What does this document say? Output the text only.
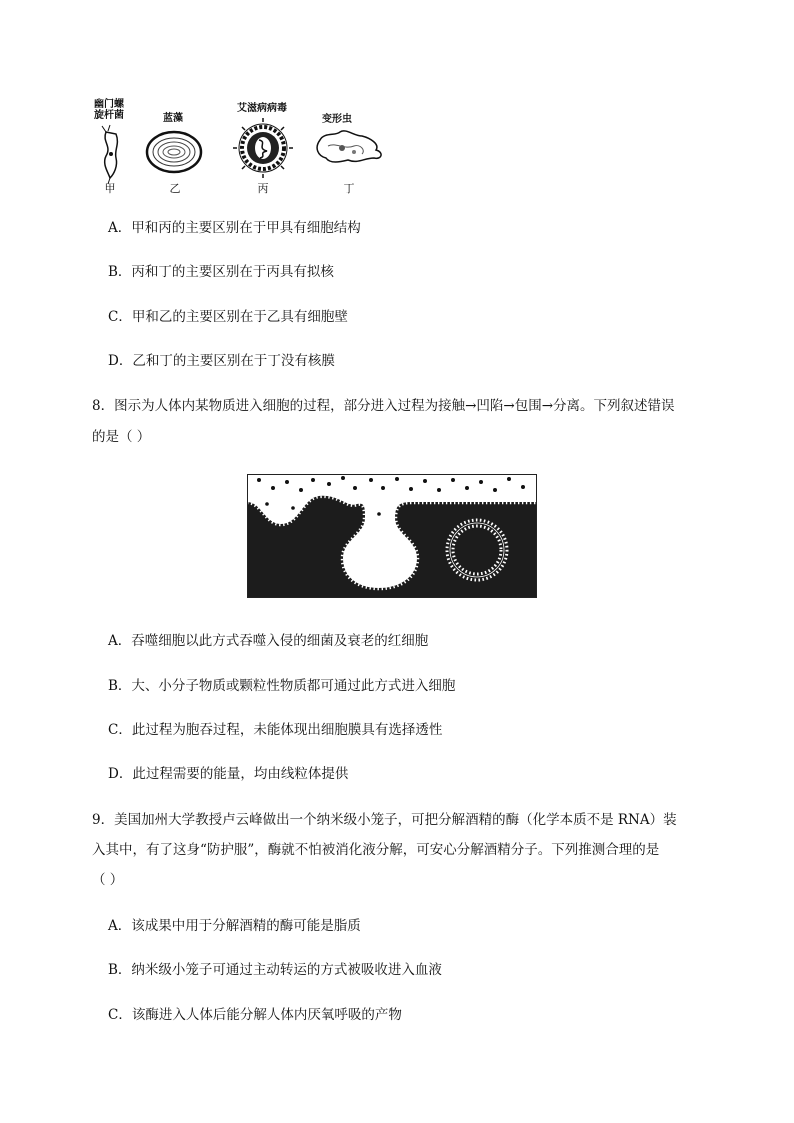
幽门螺
旋杆菌	蓝藻
艾滋病病毒
变形虫
甲	乙	丙	丁
A．甲和丙的主要区别在于甲具有细胞结构
B．丙和丁的主要区别在于丙具有拟核
C．甲和乙的主要区别在于乙具有细胞壁
D．乙和丁的主要区别在于丁没有核膜
8．图示为人体内某物质进入细胞的过程，部分进入过程为接触→凹陷→包围→分离。下列叙述错误
的是（ ）
A．吞噬细胞以此方式吞噬入侵的细菌及衰老的红细胞
B．大、小分子物质或颗粒性物质都可通过此方式进入细胞
C．此过程为胞吞过程，未能体现出细胞膜具有选择透性
D．此过程需要的能量，均由线粒体提供
9．美国加州大学教授卢云峰做出一个纳米级小笼子，可把分解酒精的酶（化学本质不是 RNA）装
入其中，有了这身“防护服”，酶就不怕被消化液分解，可安心分解酒精分子。下列推测合理的是
（ ）
A．该成果中用于分解酒精的酶可能是脂质
B．纳米级小笼子可通过主动转运的方式被吸收进入血液
C．该酶进入人体后能分解人体内厌氧呼吸的产物
